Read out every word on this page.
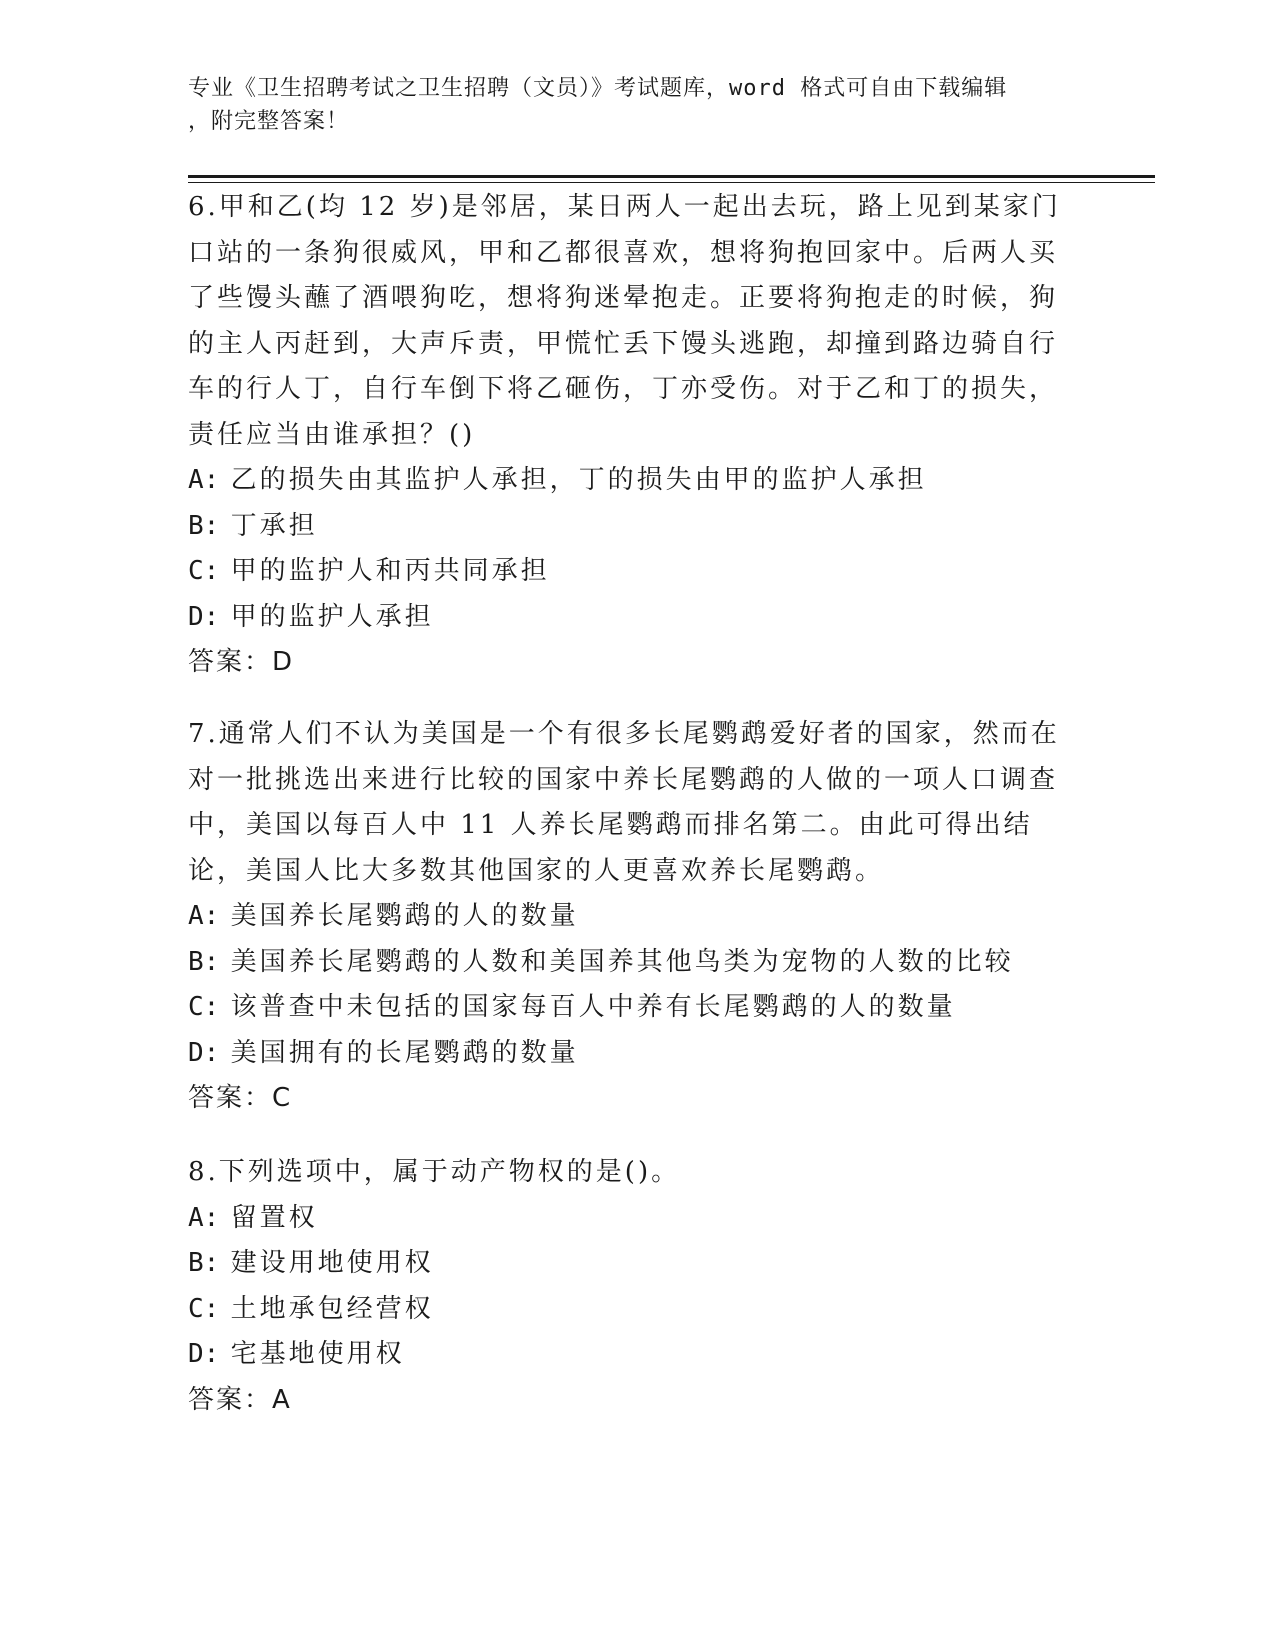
专业《卫生招聘考试之卫生招聘（文员）》考试题库，word 格式可自由下载编辑
，附完整答案！
6.甲和乙(均 12 岁)是邻居，某日两人一起出去玩，路上见到某家门口站的一条狗很威风，甲和乙都很喜欢，想将狗抱回家中。后两人买了些馒头蘸了酒喂狗吃，想将狗迷晕抱走。正要将狗抱走的时候，狗的主人丙赶到，大声斥责，甲慌忙丢下馒头逃跑，却撞到路边骑自行车的行人丁，自行车倒下将乙砸伤，丁亦受伤。对于乙和丁的损失，责任应当由谁承担？()
A: 乙的损失由其监护人承担，丁的损失由甲的监护人承担
B: 丁承担
C: 甲的监护人和丙共同承担
D: 甲的监护人承担
答案：D
7.通常人们不认为美国是一个有很多长尾鹦鹉爱好者的国家，然而在对一批挑选出来进行比较的国家中养长尾鹦鹉的人做的一项人口调查中，美国以每百人中 11 人养长尾鹦鹉而排名第二。由此可得出结论，美国人比大多数其他国家的人更喜欢养长尾鹦鹉。
A: 美国养长尾鹦鹉的人的数量
B: 美国养长尾鹦鹉的人数和美国养其他鸟类为宠物的人数的比较
C: 该普查中未包括的国家每百人中养有长尾鹦鹉的人的数量
D: 美国拥有的长尾鹦鹉的数量
答案：C
8.下列选项中，属于动产物权的是()。
A: 留置权
B: 建设用地使用权
C: 土地承包经营权
D: 宅基地使用权
答案：A
